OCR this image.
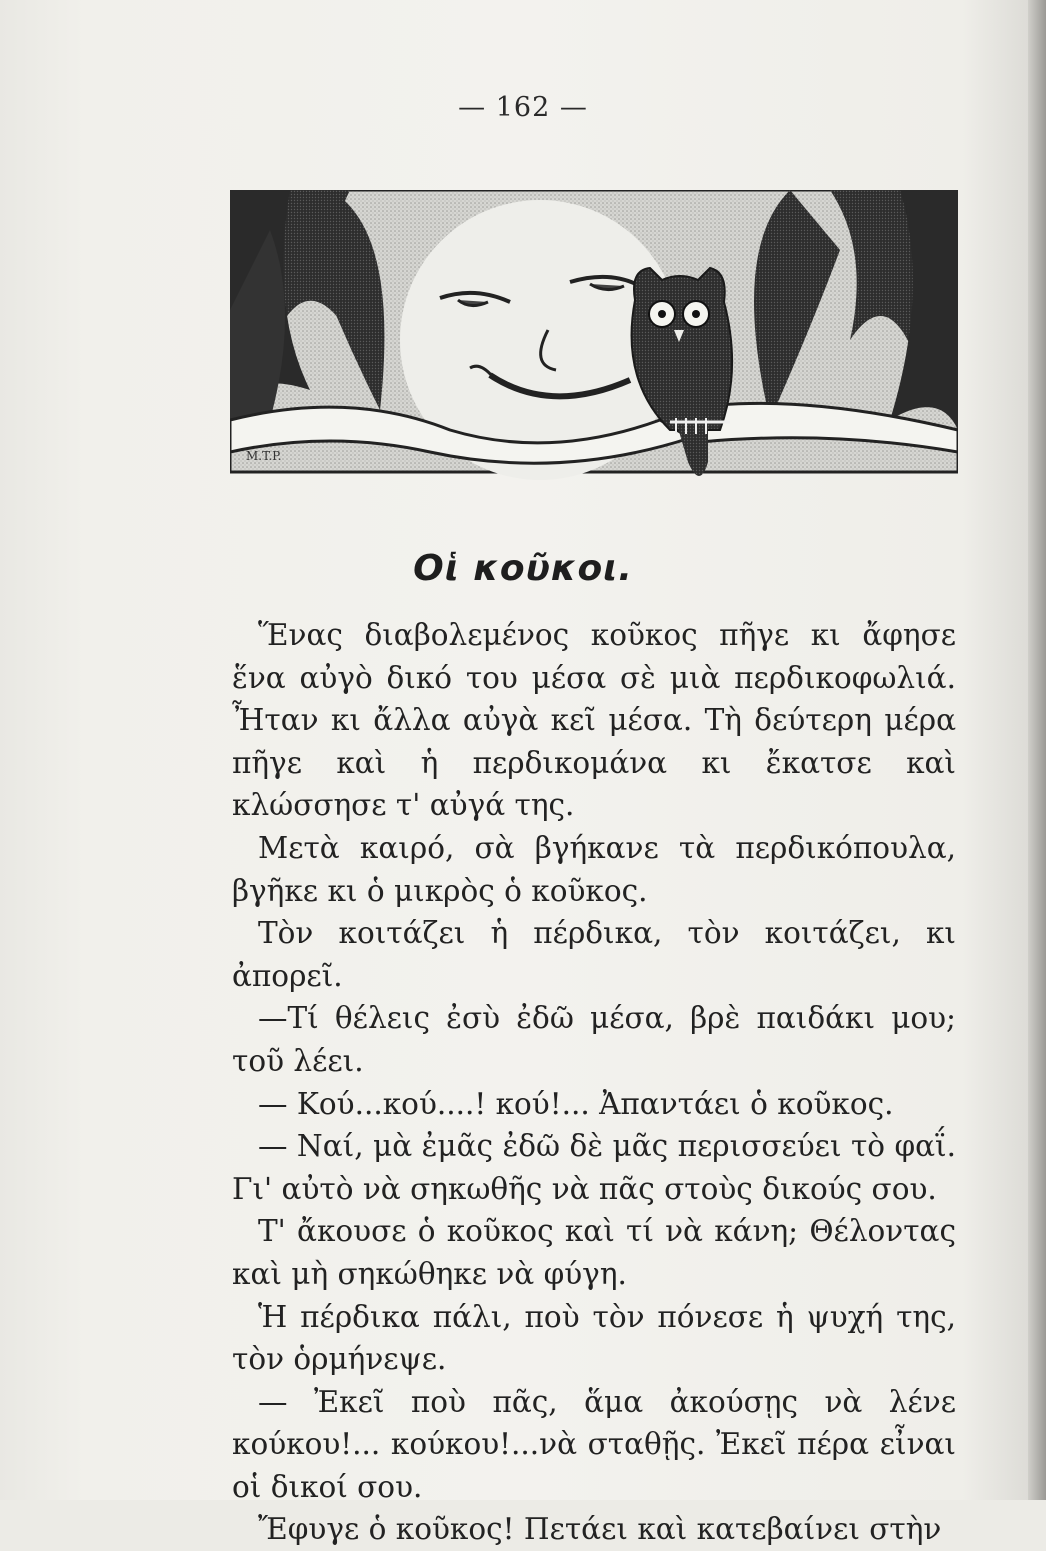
— 162 —
M.T.P.
Οἱ κοῦκοι.

Ἕνας διαβολεμένος κοῦκος πῆγε κι ἄφησε ἕνα αὐγὸ δικό του μέσα σὲ μιὰ περδικοφωλιά. Ἦταν κι ἄλλα αὐγὰ κεῖ μέσα. Τὴ δεύτερη μέρα πῆγε καὶ ἡ περδικομάνα κι ἔκατσε καὶ κλώσσησε τ' αὐγά της.

Μετὰ καιρό, σὰ βγήκανε τὰ περδικόπουλα, βγῆκε κι ὁ μικρὸς ὁ κοῦκος.

Τὸν κοιτάζει ἡ πέρδικα, τὸν κοιτάζει, κι ἀπορεῖ.

—Τί θέλεις ἐσὺ ἐδῶ μέσα, βρὲ παιδάκι μου; τοῦ λέει.

— Κού...κού....! κού!... Ἀπαντάει ὁ κοῦκος.

— Ναί, μὰ ἐμᾶς ἐδῶ δὲ μᾶς περισσεύει τὸ φαΐ. Γι' αὐτὸ νὰ σηκωθῆς νὰ πᾶς στοὺς δικούς σου.

Τ' ἄκουσε ὁ κοῦκος καὶ τί νὰ κάνη; Θέλοντας καὶ μὴ σηκώθηκε νὰ φύγη.

Ἡ πέρδικα πάλι, ποὺ τὸν πόνεσε ἡ ψυχή της, τὸν ὁρμήνεψε.

— Ἐκεῖ ποὺ πᾶς, ἅμα ἀκούσῃς νὰ λένε κούκου!... κούκου!...νὰ σταθῇς. Ἐκεῖ πέρα εἶναι οἱ δικοί σου.

Ἔφυγε ὁ κοῦκος! Πετάει καὶ κατεβαίνει στὴν
